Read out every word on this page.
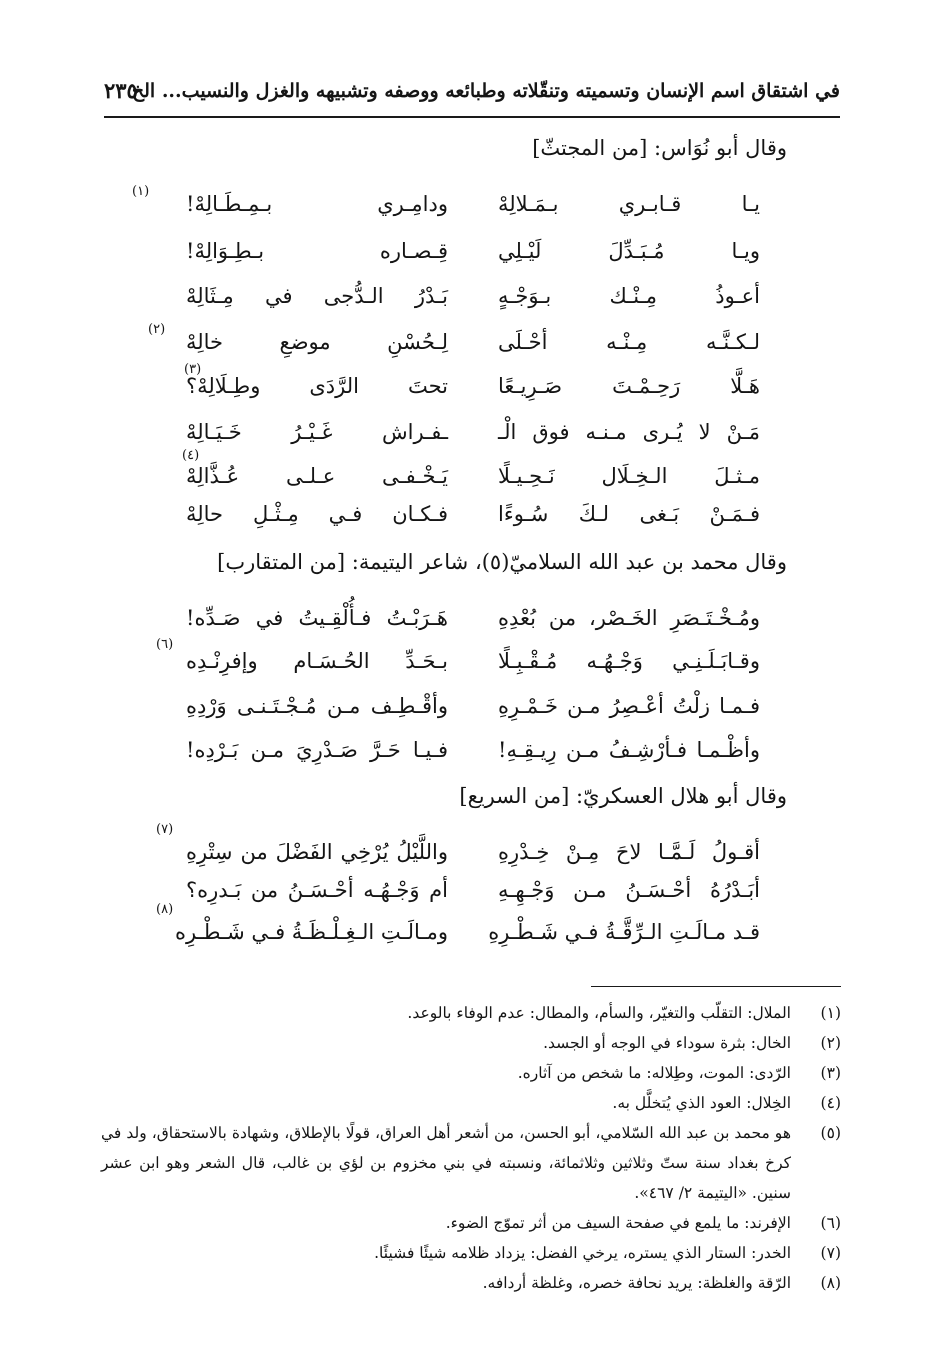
في اشتقاق اسم الإنسان وتسميته وتنقّلاته وطبائعه ووصفه وتشبيهه والغزل والنسيب... الخ
٢٣٥
وقال أبو نُوَاس: [من المجتثّ]
يـا قـابـري بـمَـلالِهْ
ودامِـري بـمِـطَـالِهْ!
(١)
ويـا مُـبَـدِّلَ لَيْـلِي
قِـصـاره بـطِـوَالِهْ!
أعـوذُ مِـنْـك بـوَجْـهٍ
بَـدْرُ الـدُّجى في مِـثَالِهْ
لـكـنَّـه مِـنْـه أحْـلَى
لِـحُسْنِ موضعِ خالِهْ
(٢)
هَـلَّا رَحِـمْـتَ صَـرِيـعًا
تحتَ الرَّدَى وطِـلَالِهْ؟
(٣)
مَـنْ لا يُـرى مـنـه فوق الْـ
ـفـراش غَـيْـرُ خَـيَـالِهْ
مـثـلَ الـخِـلَال نَـحِـيـلًا
يَـخْـفـى عـلـى عُـذَّالِهْ
(٤)
فـمَـنْ بَـغى لـكَ سُـوءًا
فـكـان فـي مِـثْـلِ حالِهْ
وقال محمد بن عبد الله السلاميّ(٥)، شاعر اليتيمة: [من المتقارب]
ومُـخْـتَـصَرِ الخَـصْر، من بُعْدِهِ
هَـرَبْـتُ فـأُلْقِـيتُ في صَـدِّه!
وقـابَـلَـنِـي وَجْـهُـه مُـقْـبِـلًا
بـحَـدِّ الحُـسَـام وإفرِنْـدِه
(٦)
فـمـا زلْتُ أعْـصِرُ مـن خَـمْـرِهِ
وأقْـطِـف مـن مُـجْـتَـنـى وَرْدِهِ
وأظْـمـا فـأرْشِـفُ مـن رِيـقِـهِ!
فـيـا حَـرَّ صَـدْرِيَ مـن بَـرْدِه!
وقال أبو هلال العسكريّ: [من السريع]
أقـولُ لَـمَّـا لاحَ مِـنْ خِـدْرِهِ
واللَّيْلُ يُرْخِي الفَضْلَ من سِتْرِهِ
(٧)
أبَـدْرُهُ أحْـسَـنُ مـن وَجْـهِـهِ
أم وَجْـهُـه أحْـسَـنُ من بَـدرِه؟
قـد مـالَـتِ الـرِّقَّـةُ فـي شَـطْـرِهِ
ومـالَـتِ الـغِـلْـظَـةُ فـي شَـطْـرِه
(٨)
(١)
الملال: التقلّب والتغيّر، والسأم، والمطال: عدم الوفاء بالوعد.
(٢)
الخال: بثرة سوداء في الوجه أو الجسد.
(٣)
الرّدى: الموت، وطِلاله: ما شخص من آثاره.
(٤)
الخِلال: العود الذي يُتخلَّل به.
(٥)
هو محمد بن عبد الله السّلامي، أبو الحسن، من أشعر أهل العراق، قولًا بالإطلاق، وشهادة بالاستحقاق، ولد في كرخ بغداد سنة ستّ وثلاثين وثلاثمائة، ونسبته في بني مخزوم بن لؤي بن غالب، قال الشعر وهو ابن عشر سنين. «اليتيمة ٢/ ٤٦٧».
(٦)
الإفرند: ما يلمع في صفحة السيف من أثر تموّج الضوء.
(٧)
الخدر: الستار الذي يستره، يرخي الفضل: يزداد ظلامه شيئًا فشيئًا.
(٨)
الرّقة والغلظة: يريد نحافة خصره، وغلظة أردافه.
